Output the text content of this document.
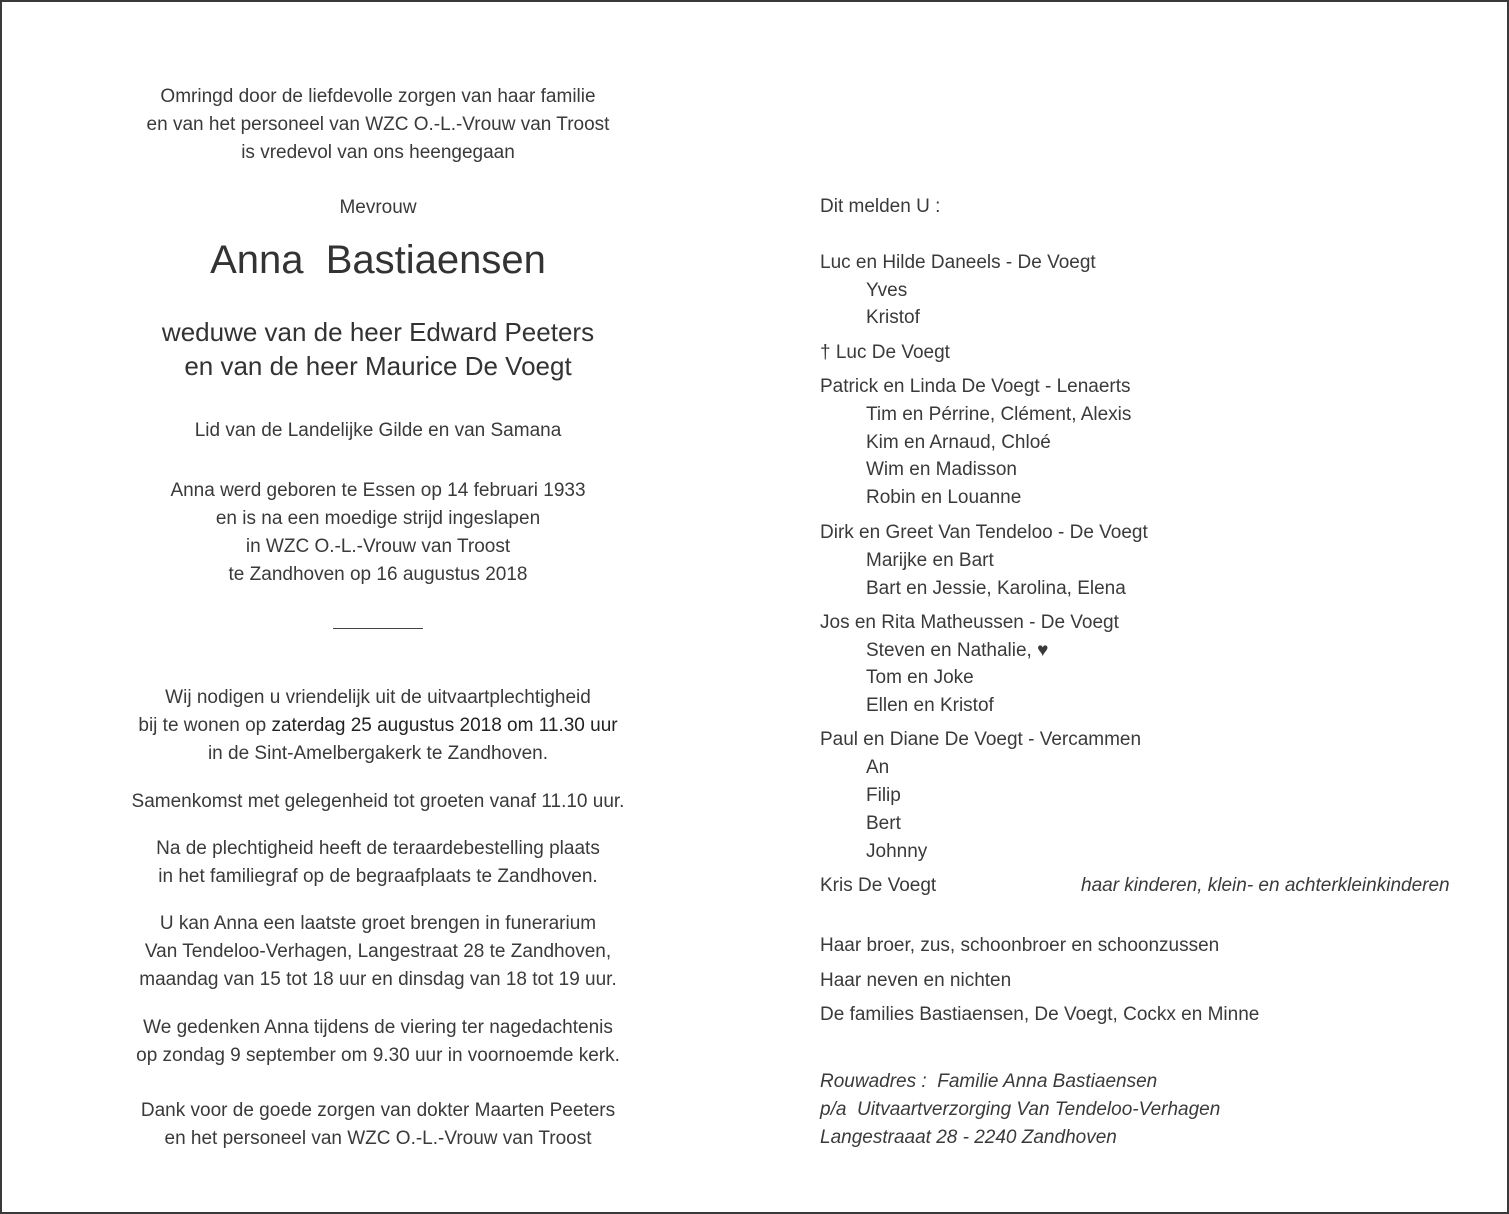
Omringd door de liefdevolle zorgen van haar familie
en van het personeel van WZC O.-L.-Vrouw van Troost
is vredevol van ons heengegaan
Mevrouw
Anna  Bastiaensen
weduwe van de heer Edward Peeters
en van de heer Maurice De Voegt
Lid van de Landelijke Gilde en van Samana
Anna werd geboren te Essen op 14 februari 1933
en is na een moedige strijd ingeslapen
in WZC O.-L.-Vrouw van Troost
te Zandhoven op 16 augustus 2018
Wij nodigen u vriendelijk uit de uitvaartplechtigheid
bij te wonen op zaterdag 25 augustus 2018 om 11.30 uur
in de Sint-Amelbergakerk te Zandhoven.
Samenkomst met gelegenheid tot groeten vanaf 11.10 uur.
Na de plechtigheid heeft de teraardebestelling plaats
in het familiegraf op de begraafplaats te Zandhoven.
U kan Anna een laatste groet brengen in funerarium
Van Tendeloo-Verhagen, Langestraat 28 te Zandhoven,
maandag van 15 tot 18 uur en dinsdag van 18 tot 19 uur.
We gedenken Anna tijdens de viering ter nagedachtenis
op zondag 9 september om 9.30 uur in voornoemde kerk.
Dank voor de goede zorgen van dokter Maarten Peeters
en het personeel van WZC O.-L.-Vrouw van Troost
Dit melden U :
Luc en Hilde Daneels - De Voegt
Yves
Kristof
† Luc De Voegt
Patrick en Linda De Voegt - Lenaerts
Tim en Pérrine, Clément, Alexis
Kim en Arnaud, Chloé
Wim en Madisson
Robin en Louanne
Dirk en Greet Van Tendeloo - De Voegt
Marijke en Bart
Bart en Jessie, Karolina, Elena
Jos en Rita Matheussen - De Voegt
Steven en Nathalie, ♥
Tom en Joke
Ellen en Kristof
Paul en Diane De Voegt - Vercammen
An
Filip
Bert
Johnny
Kris De Voegt	haar kinderen, klein- en achterkleinkinderen
Haar broer, zus, schoonbroer en schoonzussen
Haar neven en nichten
De families Bastiaensen, De Voegt, Cockx en Minne
Rouwadres :  Familie Anna Bastiaensen
p/a  Uitvaartverzorging Van Tendeloo-Verhagen
Langestraaat 28 - 2240 Zandhoven
